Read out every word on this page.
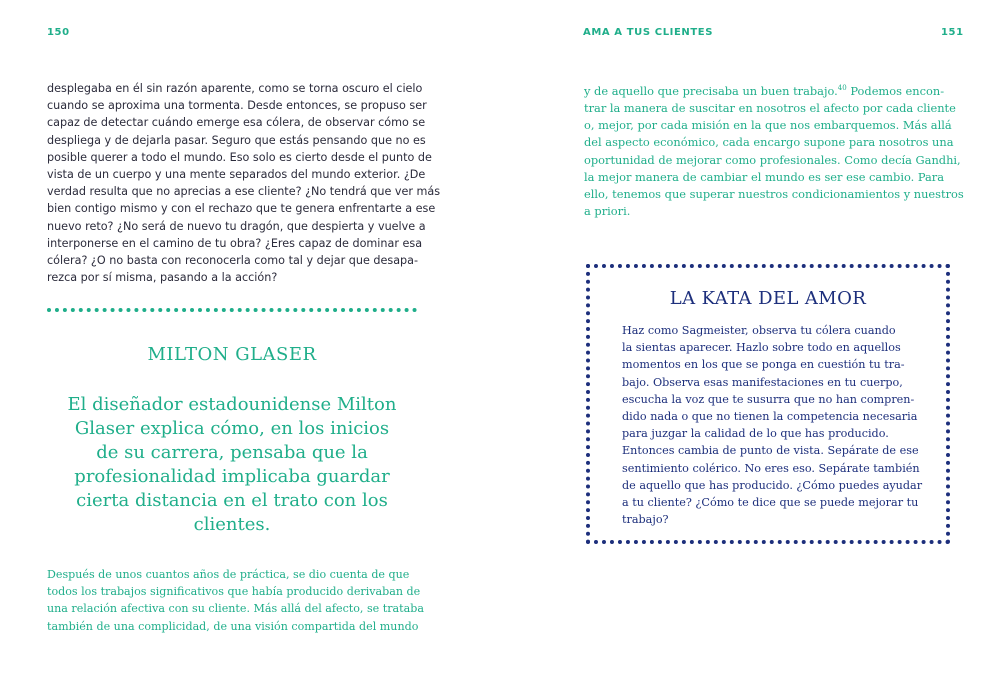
150

desplegaba en él sin razón aparente, como se torna oscuro el cielo
cuando se aproxima una tormenta. Desde entonces, se propuso ser
capaz de detectar cuándo emerge esa cólera, de observar cómo se
despliega y de dejarla pasar. Seguro que estás pensando que no es
posible querer a todo el mundo. Eso solo es cierto desde el punto de
vista de un cuerpo y una mente separados del mundo exterior. ¿De
verdad resulta que no aprecias a ese cliente? ¿No tendrá que ver más
bien contigo mismo y con el rechazo que te genera enfrentarte a ese
nuevo reto? ¿No será de nuevo tu dragón, que despierta y vuelve a
interponerse en el camino de tu obra? ¿Eres capaz de dominar esa
cólera? ¿O no basta con reconocerla como tal y dejar que desapa-
rezca por sí misma, pasando a la acción?

MILTON GLASER
El diseñador estadounidense Milton
Glaser explica cómo, en los inicios
de su carrera, pensaba que la
profesionalidad implicaba guardar
cierta distancia en el trato con los
clientes.

Después de unos cuantos años de práctica, se dio cuenta de que
todos los trabajos significativos que había producido derivaban de
una relación afectiva con su cliente. Más allá del afecto, se trataba
también de una complicidad, de una visión compartida del mundo

AMA A TUS CLIENTES	151

y de aquello que precisaba un buen trabajo.$^{40}$ Podemos encon-
trar la manera de suscitar en nosotros el afecto por cada cliente
o, mejor, por cada misión en la que nos embarquemos. Más allá
del aspecto económico, cada encargo supone para nosotros una
oportunidad de mejorar como profesionales. Como decía Gandhi,
la mejor manera de cambiar el mundo es ser ese cambio. Para
ello, tenemos que superar nuestros condicionamientos y nuestros
a priori.

LA KATA DEL AMOR

Haz como Sagmeister, observa tu cólera cuando
la sientas aparecer. Hazlo sobre todo en aquellos
momentos en los que se ponga en cuestión tu tra-
bajo. Observa esas manifestaciones en tu cuerpo,
escucha la voz que te susurra que no han compren-
dido nada o que no tienen la competencia necesaria
para juzgar la calidad de lo que has producido.
Entonces cambia de punto de vista. Sepárate de ese
sentimiento colérico. No eres eso. Sepárate también
de aquello que has producido. ¿Cómo puedes ayudar
a tu cliente? ¿Cómo te dice que se puede mejorar tu
trabajo?
